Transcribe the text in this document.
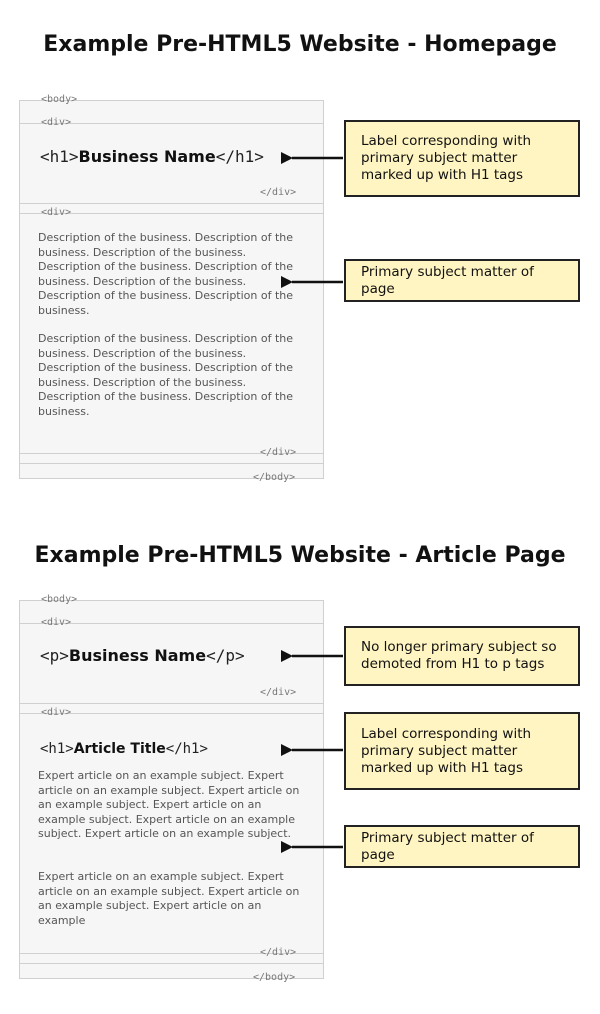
Example Pre-HTML5 Website - Homepage
<body>
<div>
<h1>Business Name</h1>
</div>
<div>
Description of the business. Description of the business. Description of the business. Description of the business. Description of the business. Description of the business. Description of the business. Description of the business.
Description of the business. Description of the business. Description of the business. Description of the business. Description of the business. Description of the business. Description of the business. Description of the business.
</div>
</body>
Label corresponding with primary subject matter marked up with H1 tags
Primary subject matter of page
Example Pre-HTML5 Website - Article Page
<body>
<div>
<p>Business Name</p>
</div>
<div>
<h1>Article Title</h1>
Expert article on an example subject. Expert article on an example subject. Expert article on an example subject. Expert article on an example subject. Expert article on an example subject. Expert article on an example subject.
Expert article on an example subject. Expert article on an example subject. Expert article on an example subject. Expert article on an example
</div>
</body>
No longer primary subject so demoted from H1 to p tags
Label corresponding with primary subject matter marked up with H1 tags
Primary subject matter of page
